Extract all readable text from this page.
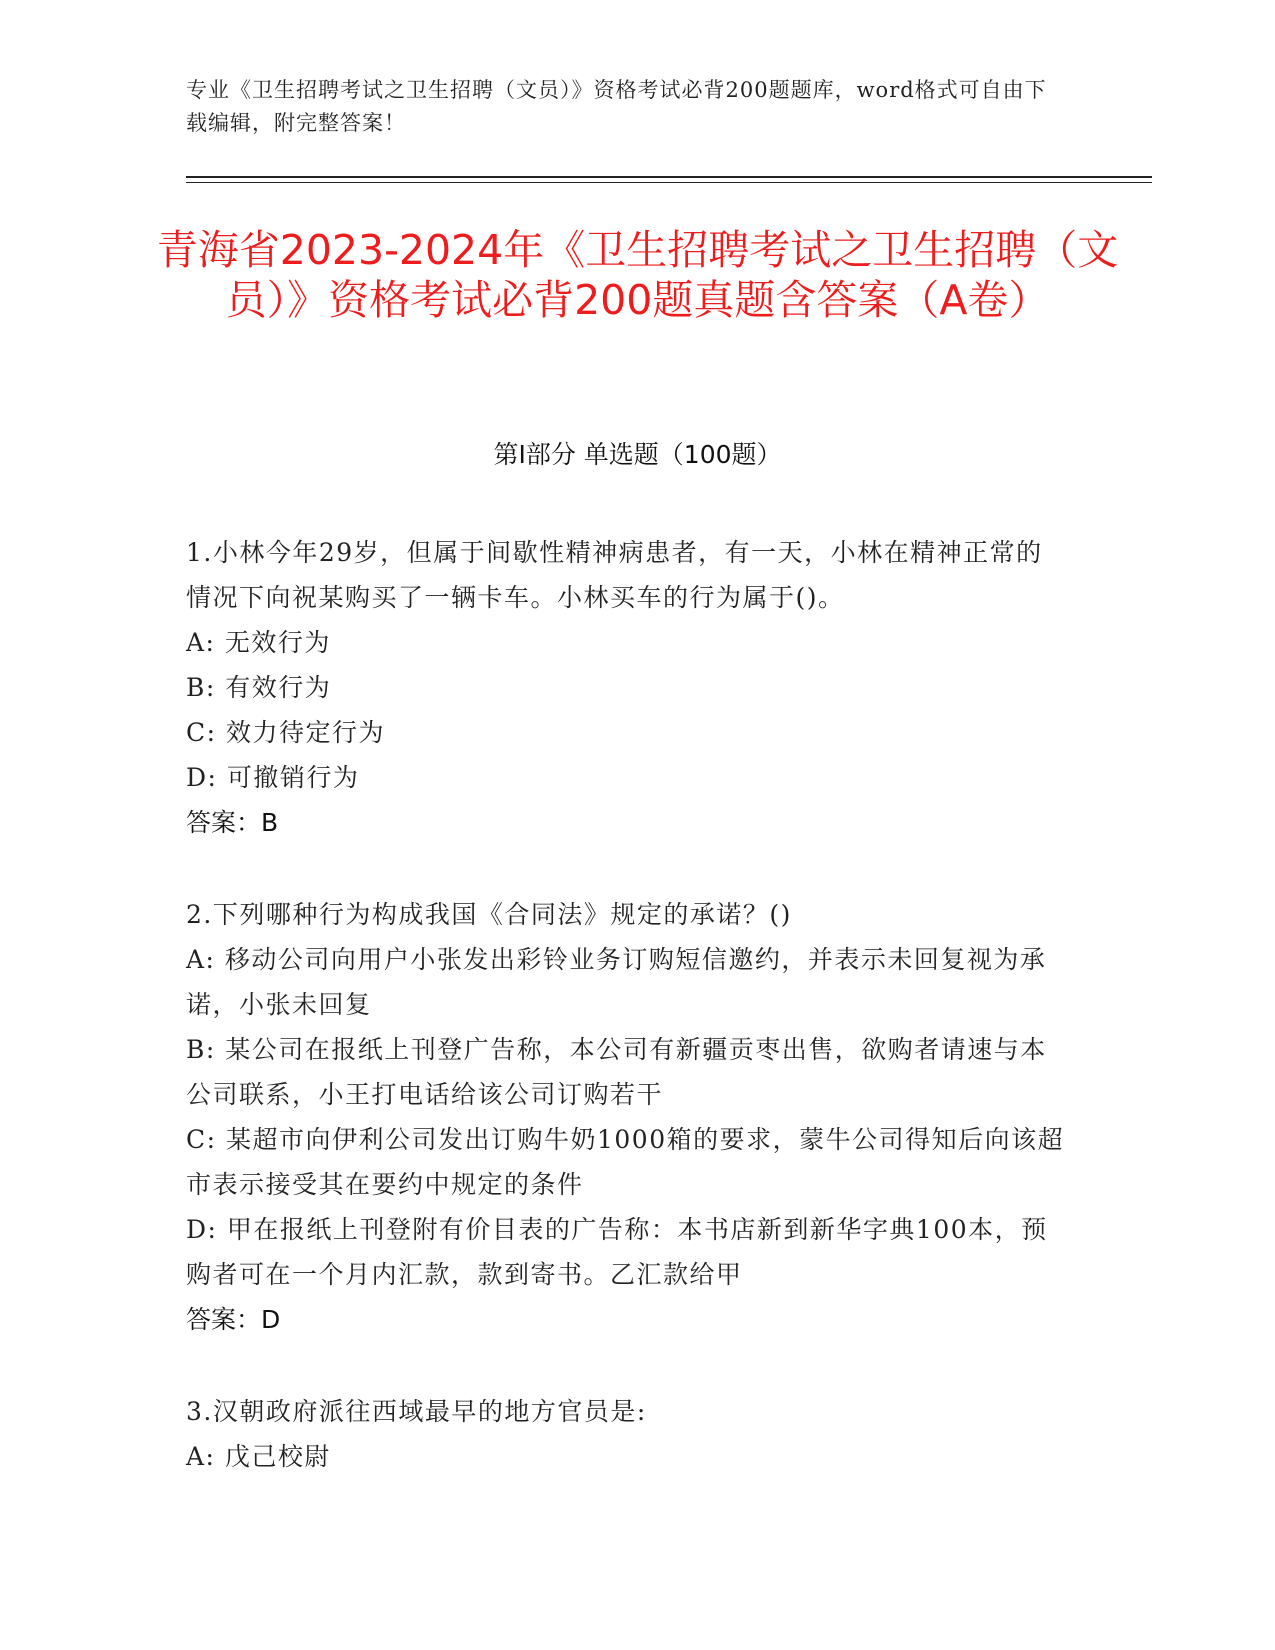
专业《卫生招聘考试之卫生招聘（文员）》资格考试必背200题题库，word格式可自由下载编辑，附完整答案！
青海省2023-2024年《卫生招聘考试之卫生招聘（文员）》资格考试必背200题真题含答案（A卷）
第Ⅰ部分 单选题（100题）

1.小林今年29岁，但属于间歇性精神病患者，有一天，小林在精神正常的情况下向祝某购买了一辆卡车。小林买车的行为属于()。

A: 无效行为

B: 有效行为

C: 效力待定行为

D: 可撤销行为

答案：B

2.下列哪种行为构成我国《合同法》规定的承诺？()

A: 移动公司向用户小张发出彩铃业务订购短信邀约，并表示未回复视为承诺，小张未回复

B: 某公司在报纸上刊登广告称，本公司有新疆贡枣出售，欲购者请速与本公司联系，小王打电话给该公司订购若干

C: 某超市向伊利公司发出订购牛奶1000箱的要求，蒙牛公司得知后向该超市表示接受其在要约中规定的条件

D: 甲在报纸上刊登附有价目表的广告称：本书店新到新华字典100本，预购者可在一个月内汇款，款到寄书。乙汇款给甲

答案：D

3.汉朝政府派往西域最早的地方官员是:

A: 戊己校尉
